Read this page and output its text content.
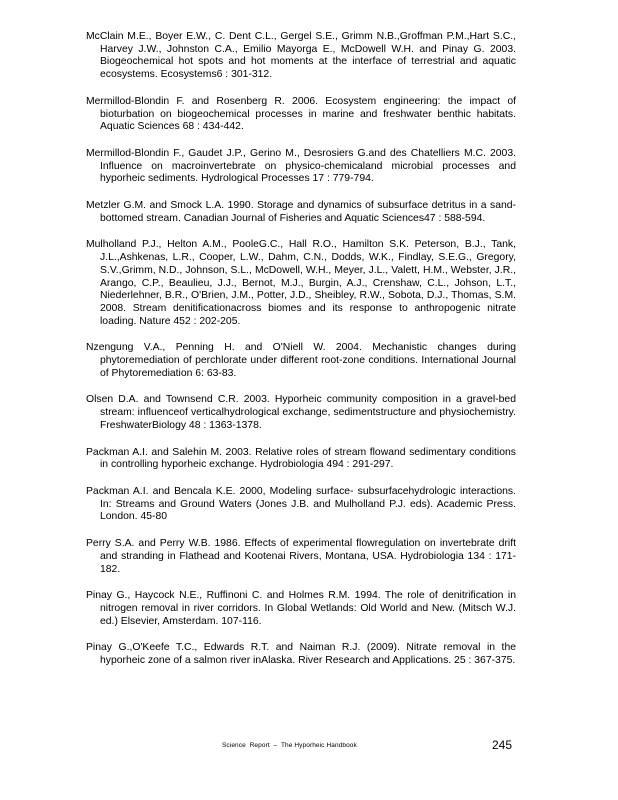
McClain M.E., Boyer E.W., C. Dent C.L., Gergel S.E., Grimm N.B.,Groffman P.M.,Hart S.C., Harvey J.W., Johnston C.A., Emilio Mayorga E., McDowell W.H. and Pinay G. 2003. Biogeochemical hot spots and hot moments at the interface of terrestrial and aquatic ecosystems. Ecosystems6 : 301-312.

Mermillod-Blondin F. and Rosenberg R. 2006. Ecosystem engineering: the impact of bioturbation on biogeochemical processes in marine and freshwater benthic habitats. Aquatic Sciences 68 : 434-442.

Mermillod-Blondin F., Gaudet J.P., Gerino M., Desrosiers G.and des Chatelliers M.C. 2003. Influence on macroinvertebrate on physico-chemicaland microbial processes and hyporheic sediments. Hydrological Processes 17 : 779-794.

Metzler G.M. and Smock L.A. 1990. Storage and dynamics of subsurface detritus in a sand-bottomed stream. Canadian Journal of Fisheries and Aquatic Sciences47 : 588-594.

Mulholland P.J., Helton A.M., PooleG.C., Hall R.O., Hamilton S.K. Peterson, B.J., Tank, J.L.,Ashkenas, L.R., Cooper, L.W., Dahm, C.N., Dodds, W.K., Findlay, S.E.G., Gregory, S.V.,Grimm, N.D., Johnson, S.L., McDowell, W.H., Meyer, J.L., Valett, H.M., Webster, J.R., Arango, C.P., Beaulieu, J.J., Bernot, M.J., Burgin, A.J., Crenshaw, C.L., Johson, L.T., Niederlehner, B.R., O'Brien, J.M., Potter, J.D., Sheibley, R.W., Sobota, D.J., Thomas, S.M. 2008. Stream denitificationacross biomes and its response to anthropogenic nitrate loading. Nature 452 : 202-205.

Nzengung V.A., Penning H. and O'Niell W. 2004. Mechanistic changes during phytoremediation of perchlorate under different root-zone conditions. International Journal of Phytoremediation 6: 63-83.

Olsen D.A. and Townsend C.R. 2003. Hyporheic community composition in a gravel-bed stream: influenceof verticalhydrological exchange, sedimentstructure and physiochemistry. FreshwaterBiology 48 : 1363-1378.

Packman A.I. and Salehin M. 2003. Relative roles of stream flowand sedimentary conditions in controlling hyporheic exchange. Hydrobiologia 494 : 291-297.

Packman A.I. and Bencala K.E. 2000, Modeling surface- subsurfacehydrologic interactions. In: Streams and Ground Waters (Jones J.B. and Mulholland P.J. eds). Academic Press. London. 45-80

Perry S.A. and Perry W.B. 1986. Effects of experimental flowregulation on invertebrate drift and stranding in Flathead and Kootenai Rivers, Montana, USA. Hydrobiologia 134 : 171-182.

Pinay G., Haycock N.E., Ruffinoni C. and Holmes R.M. 1994. The role of denitrification in nitrogen removal in river corridors. In Global Wetlands: Old World and New. (Mitsch W.J. ed.) Elsevier, Amsterdam. 107-116.

Pinay G.,O'Keefe T.C., Edwards R.T. and Naiman R.J. (2009). Nitrate removal in the hyporheic zone of a salmon river inAlaska. River Research and Applications. 25 : 367-375.

Science  Report  –  The Hyporheic Handbook	245
